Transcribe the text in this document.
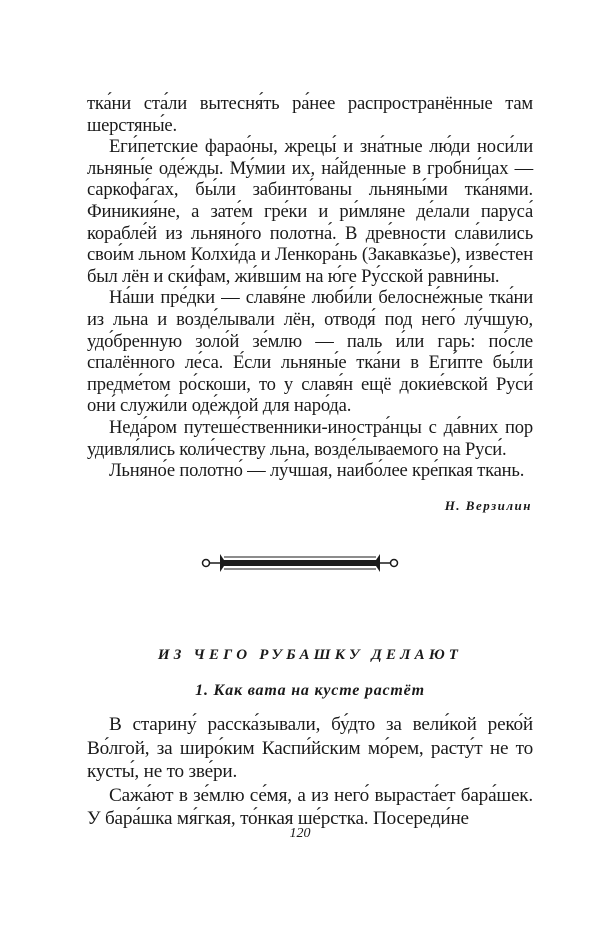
тка́ни ста́ли вытесня́ть ра́нее распространённые там шерстяны́е.

Еги́петские фарао́ны, жрецы́ и зна́тные лю́ди носи́ли льняны́е оде́жды. Му́мии их, на́йденные в гробни́цах — саркофа́гах, бы́ли забинто́ваны льняны́ми тка́нями. Финикия́не, а зате́м гре́ки и ри́мляне де́лали паруса́ корабле́й из льняно́го полотна́. В дре́вности сла́вились свои́м льном Колхи́да и Ленкора́нь (Закавка́зье), изве́стен был лён и ски́фам, жи́вшим на ю́ге Ру́сской равни́ны.

На́ши пре́дки — славя́не люби́ли белосне́жные тка́ни из льна и возде́лывали лён, отводя́ под него́ лу́чшую, удо́бренную золо́й зе́млю — паль и́ли гарь: по́сле спалённого ле́са. Е́сли льняны́е тка́ни в Еги́пте бы́ли предме́том ро́скоши, то у славя́н ещё докие́вской Руси́ они́ служи́ли оде́ждой для наро́да.

Неда́ром путеше́ственники-иностра́нцы с да́вних пор удивля́лись коли́честву льна, возде́лываемого на Руси́.

Льняно́е полотно́ — лу́чшая, наибо́лее кре́пкая ткань.

Н. Верзилин
ИЗ ЧЕГО РУБАШКУ ДЕЛАЮТ
1. Как вата на кусте растёт

В старину́ расска́зывали, бу́дто за вели́кой реко́й Во́лгой, за широ́ким Каспи́йским мо́рем, расту́т не то кусты́, не то зве́ри.

Сажа́ют в зе́млю се́мя, а из него́ выраста́ет бара́шек. У бара́шка мя́гкая, то́нкая ше́рстка. Посереди́не

120
